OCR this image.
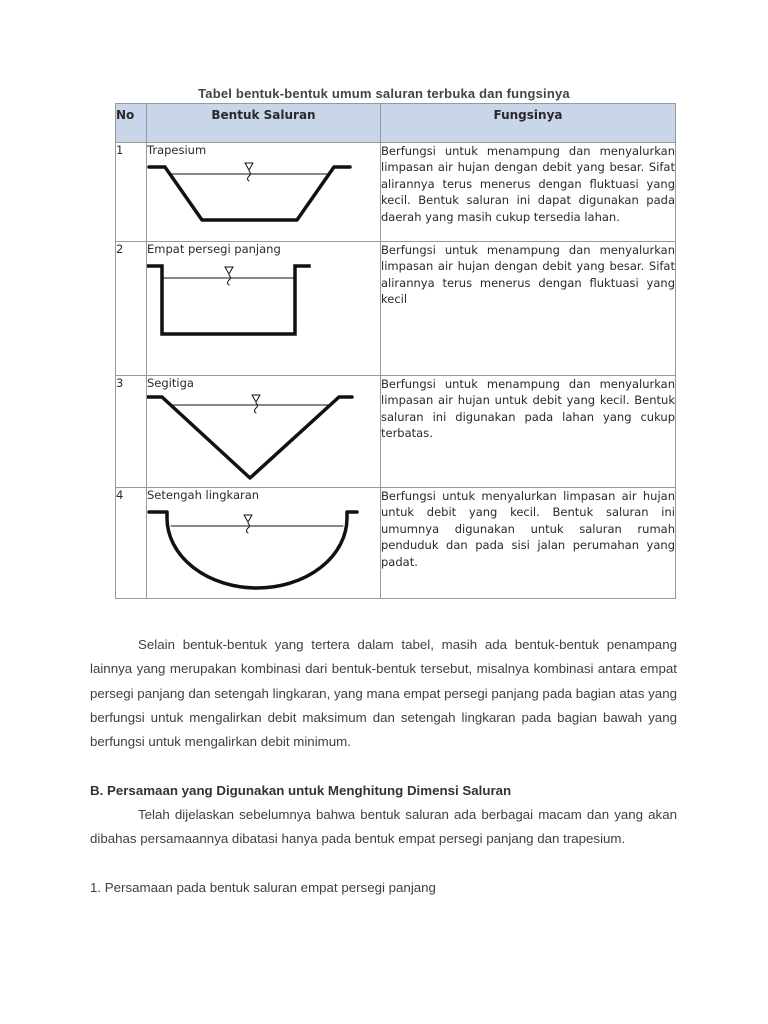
Tabel bentuk-bentuk umum saluran terbuka dan fungsinya
No	Bentuk Saluran	Fungsinya
1	Trapesium	Berfungsi untuk menampung dan menyalurkan limpasan air hujan dengan debit yang besar. Sifat alirannya terus menerus dengan fluktuasi yang kecil. Bentuk saluran ini dapat digunakan pada daerah yang masih cukup tersedia lahan.
2	Empat persegi panjang	Berfungsi untuk menampung dan menyalurkan limpasan air hujan dengan debit yang besar. Sifat alirannya terus menerus dengan fluktuasi yang kecil
3	Segitiga	Berfungsi untuk menampung dan menyalurkan limpasan air hujan untuk debit yang kecil. Bentuk saluran ini digunakan pada lahan yang cukup terbatas.
4	Setengah lingkaran	Berfungsi untuk menyalurkan limpasan air hujan untuk debit yang kecil. Bentuk saluran ini umumnya digunakan untuk saluran rumah penduduk dan pada sisi jalan perumahan yang padat.

Selain bentuk-bentuk yang tertera dalam tabel, masih ada bentuk-bentuk penampang lainnya yang merupakan kombinasi dari bentuk-bentuk tersebut, misalnya kombinasi antara empat persegi panjang dan setengah lingkaran, yang mana empat persegi panjang pada bagian atas yang berfungsi untuk mengalirkan debit maksimum dan setengah lingkaran pada bagian bawah yang berfungsi untuk mengalirkan debit minimum.

B. Persamaan yang Digunakan untuk Menghitung Dimensi Saluran

Telah dijelaskan sebelumnya bahwa bentuk saluran ada berbagai macam dan yang akan dibahas persamaannya dibatasi hanya pada bentuk empat persegi panjang dan trapesium.

1. Persamaan pada bentuk saluran empat persegi panjang
